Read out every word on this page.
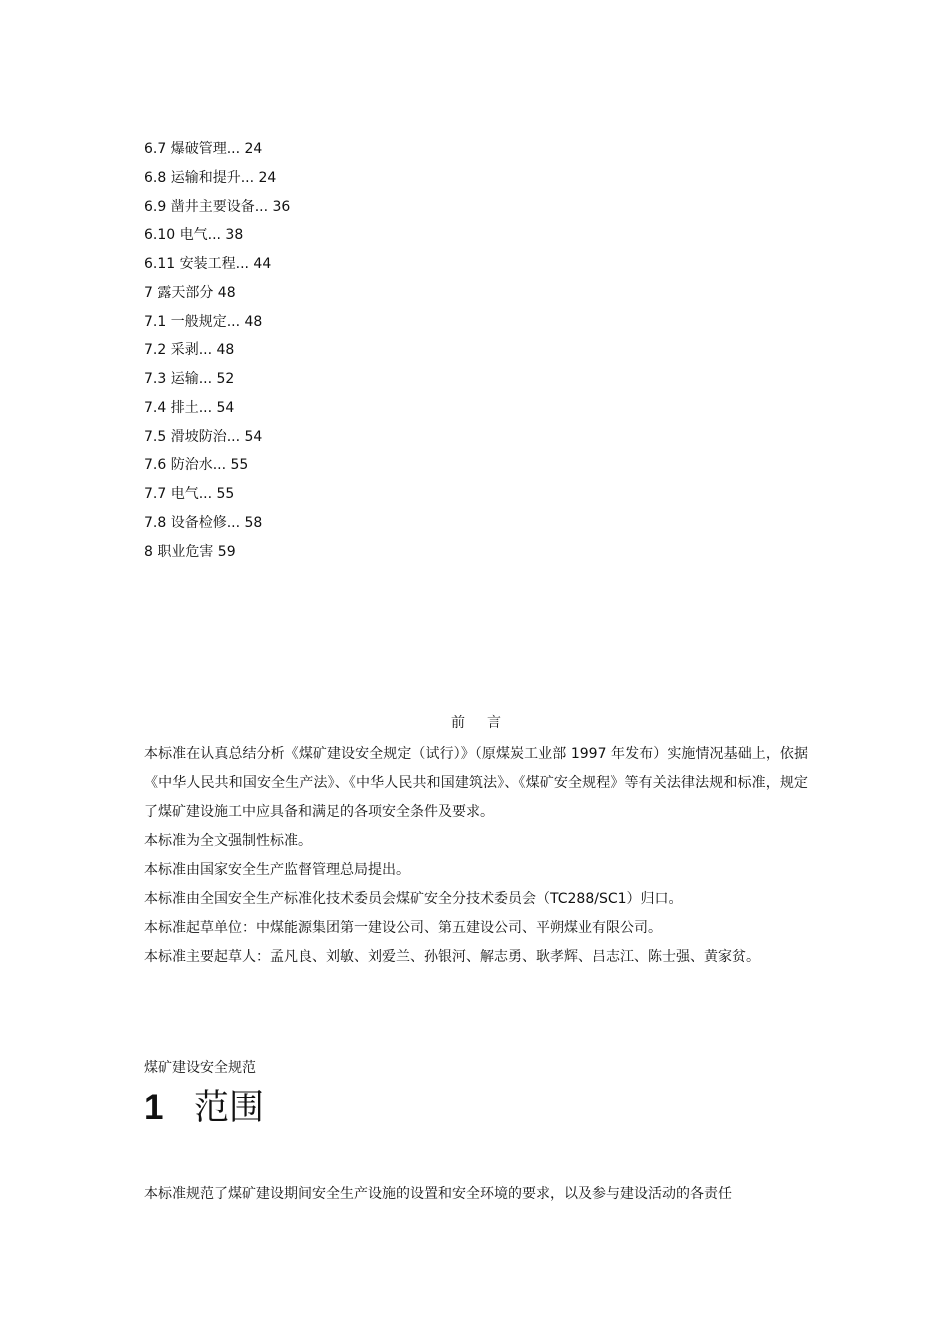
6.7 爆破管理... 24
6.8 运输和提升... 24
6.9 凿井主要设备... 36
6.10 电气... 38
6.11 安装工程... 44
7 露天部分 48
7.1 一般规定... 48
7.2 采剥... 48
7.3 运输... 52
7.4 排土... 54
7.5 滑坡防治... 54
7.6 防治水... 55
7.7 电气... 55
7.8 设备检修... 58
8 职业危害 59
前 言

本标准在认真总结分析《煤矿建设安全规定（试行）》（原煤炭工业部 1997 年发布）实施情况基础上，依据《中华人民共和国安全生产法》、《中华人民共和国建筑法》、《煤矿安全规程》等有关法律法规和标准，规定了煤矿建设施工中应具备和满足的各项安全条件及要求。

本标准为全文强制性标准。

本标准由国家安全生产监督管理总局提出。

本标准由全国安全生产标准化技术委员会煤矿安全分技术委员会（TC288/SC1）归口。

本标准起草单位：中煤能源集团第一建设公司、第五建设公司、平朔煤业有限公司。

本标准主要起草人：孟凡良、刘敏、刘爱兰、孙银河、解志勇、耿孝辉、吕志江、陈士强、黄家贫。

煤矿建设安全规范
1 范围

本标准规范了煤矿建设期间安全生产设施的设置和安全环境的要求，以及参与建设活动的各责任
